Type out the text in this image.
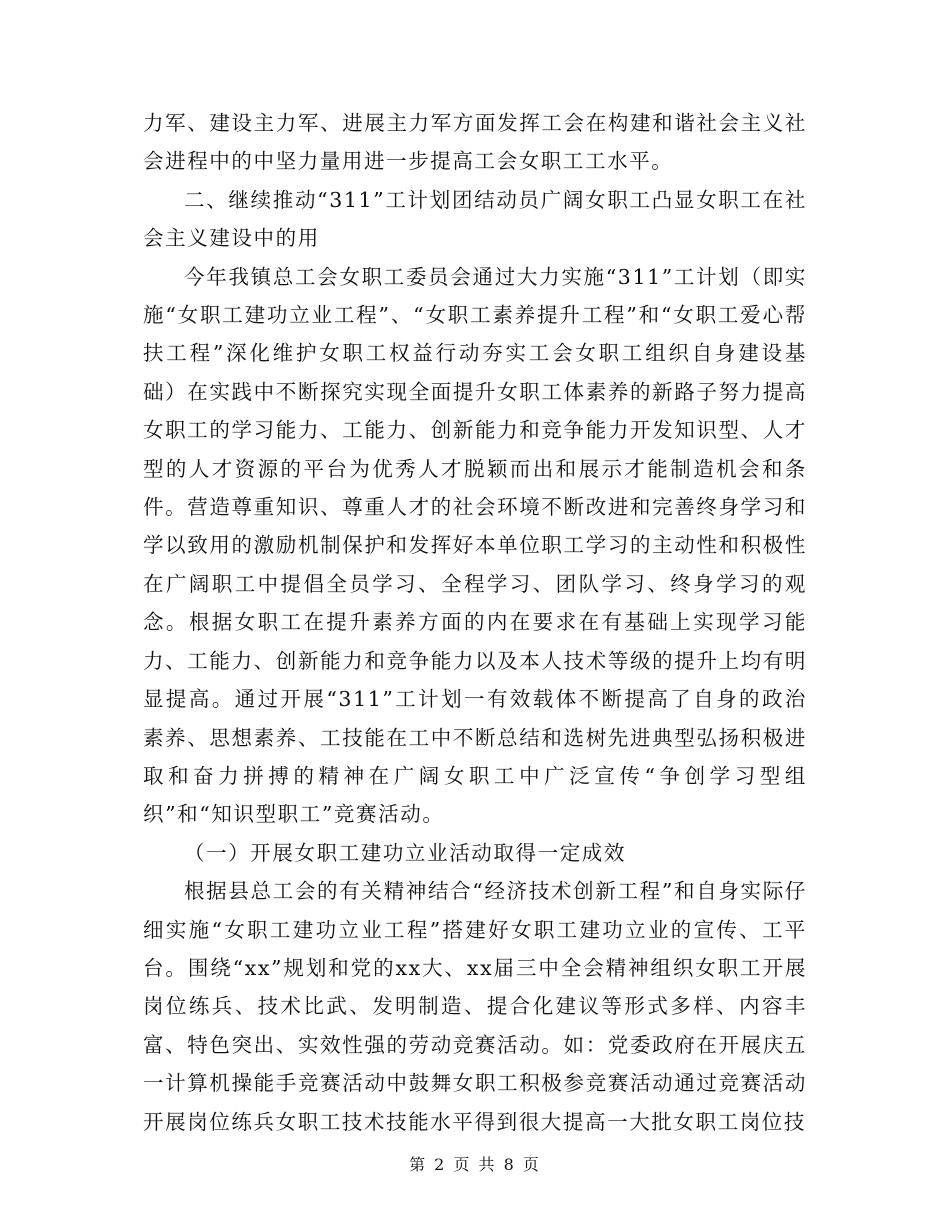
力军、建设主力军、进展主力军方面发挥工会在构建和谐社会主义社会进程中的中坚力量用进一步提高工会女职工工水平。

二、继续推动“311”工计划团结动员广阔女职工凸显女职工在社会主义建设中的用

今年我镇总工会女职工委员会通过大力实施“311”工计划（即实施“女职工建功立业工程”、“女职工素养提升工程”和“女职工爱心帮扶工程”深化维护女职工权益行动夯实工会女职工组织自身建设基础）在实践中不断探究实现全面提升女职工体素养的新路子努力提高女职工的学习能力、工能力、创新能力和竞争能力开发知识型、人才型的人才资源的平台为优秀人才脱颖而出和展示才能制造机会和条件。营造尊重知识、尊重人才的社会环境不断改进和完善终身学习和学以致用的激励机制保护和发挥好本单位职工学习的主动性和积极性在广阔职工中提倡全员学习、全程学习、团队学习、终身学习的观念。根据女职工在提升素养方面的内在要求在有基础上实现学习能力、工能力、创新能力和竞争能力以及本人技术等级的提升上均有明显提高。通过开展“311”工计划一有效载体不断提高了自身的政治素养、思想素养、工技能在工中不断总结和选树先进典型弘扬积极进取和奋力拼搏的精神在广阔女职工中广泛宣传“争创学习型组织”和“知识型职工”竞赛活动。

（一）开展女职工建功立业活动取得一定成效

根据县总工会的有关精神结合“经济技术创新工程”和自身实际仔细实施“女职工建功立业工程”搭建好女职工建功立业的宣传、工平台。围绕“xx”规划和党的xx大、xx届三中全会精神组织女职工开展岗位练兵、技术比武、发明制造、提合化建议等形式多样、内容丰富、特色突出、实效性强的劳动竞赛活动。如：党委政府在开展庆五一计算机操能手竞赛活动中鼓舞女职工积极参竞赛活动通过竞赛活动开展岗位练兵女职工技术技能水平得到很大提高一大批女职工岗位技

第 2 页 共 8 页
